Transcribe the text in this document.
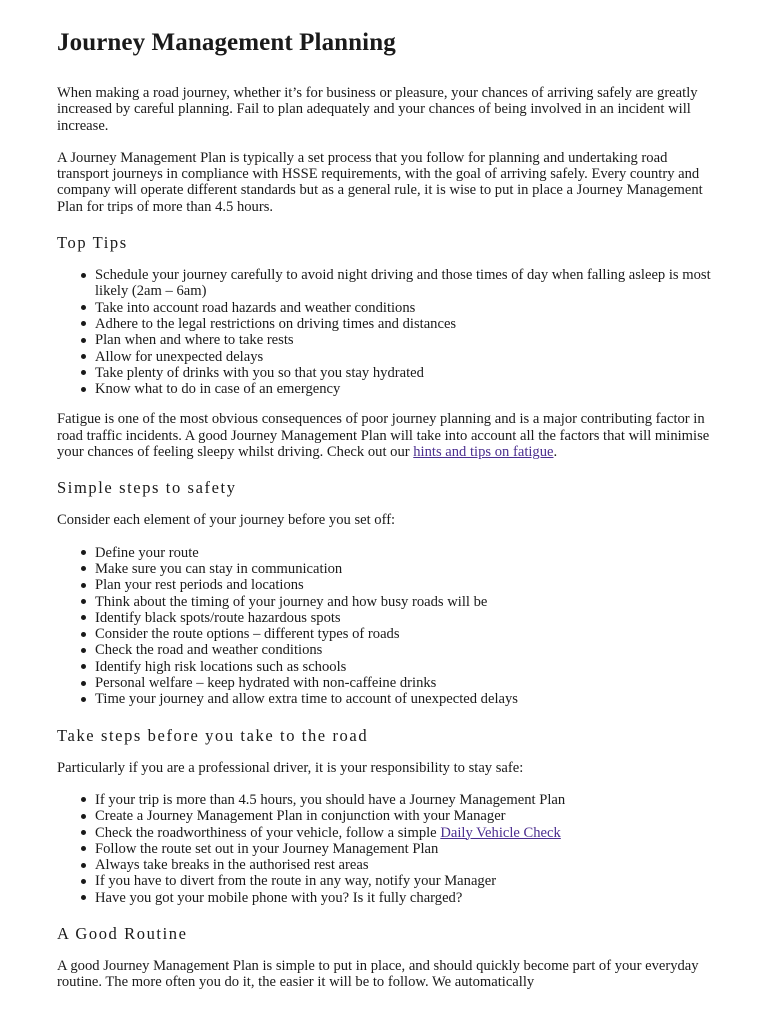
Journey Management Planning

When making a road journey, whether it’s for business or pleasure, your chances of arriving safely are greatly increased by careful planning. Fail to plan adequately and your chances of being involved in an incident will increase.

A Journey Management Plan is typically a set process that you follow for planning and undertaking road transport journeys in compliance with HSSE requirements, with the goal of arriving safely. Every country and company will operate different standards but as a general rule, it is wise to put in place a Journey Management Plan for trips of more than 4.5 hours.

Top Tips
Schedule your journey carefully to avoid night driving and those times of day when falling asleep is most likely (2am – 6am)
Take into account road hazards and weather conditions
Adhere to the legal restrictions on driving times and distances
Plan when and where to take rests
Allow for unexpected delays
Take plenty of drinks with you so that you stay hydrated
Know what to do in case of an emergency

Fatigue is one of the most obvious consequences of poor journey planning and is a major contributing factor in road traffic incidents. A good Journey Management Plan will take into account all the factors that will minimise your chances of feeling sleepy whilst driving. Check out our hints and tips on fatigue.

Simple steps to safety

Consider each element of your journey before you set off:

Define your route
Make sure you can stay in communication
Plan your rest periods and locations
Think about the timing of your journey and how busy roads will be
Identify black spots/route hazardous spots
Consider the route options – different types of roads
Check the road and weather conditions
Identify high risk locations such as schools
Personal welfare – keep hydrated with non-caffeine drinks
Time your journey and allow extra time to account of unexpected delays
Take steps before you take to the road

Particularly if you are a professional driver, it is your responsibility to stay safe:

If your trip is more than 4.5 hours, you should have a Journey Management Plan
Create a Journey Management Plan in conjunction with your Manager
Check the roadworthiness of your vehicle, follow a simple Daily Vehicle Check
Follow the route set out in your Journey Management Plan
Always take breaks in the authorised rest areas
If you have to divert from the route in any way, notify your Manager
Have you got your mobile phone with you? Is it fully charged?
A Good Routine

A good Journey Management Plan is simple to put in place, and should quickly become part of your everyday routine. The more often you do it, the easier it will be to follow. We automatically
